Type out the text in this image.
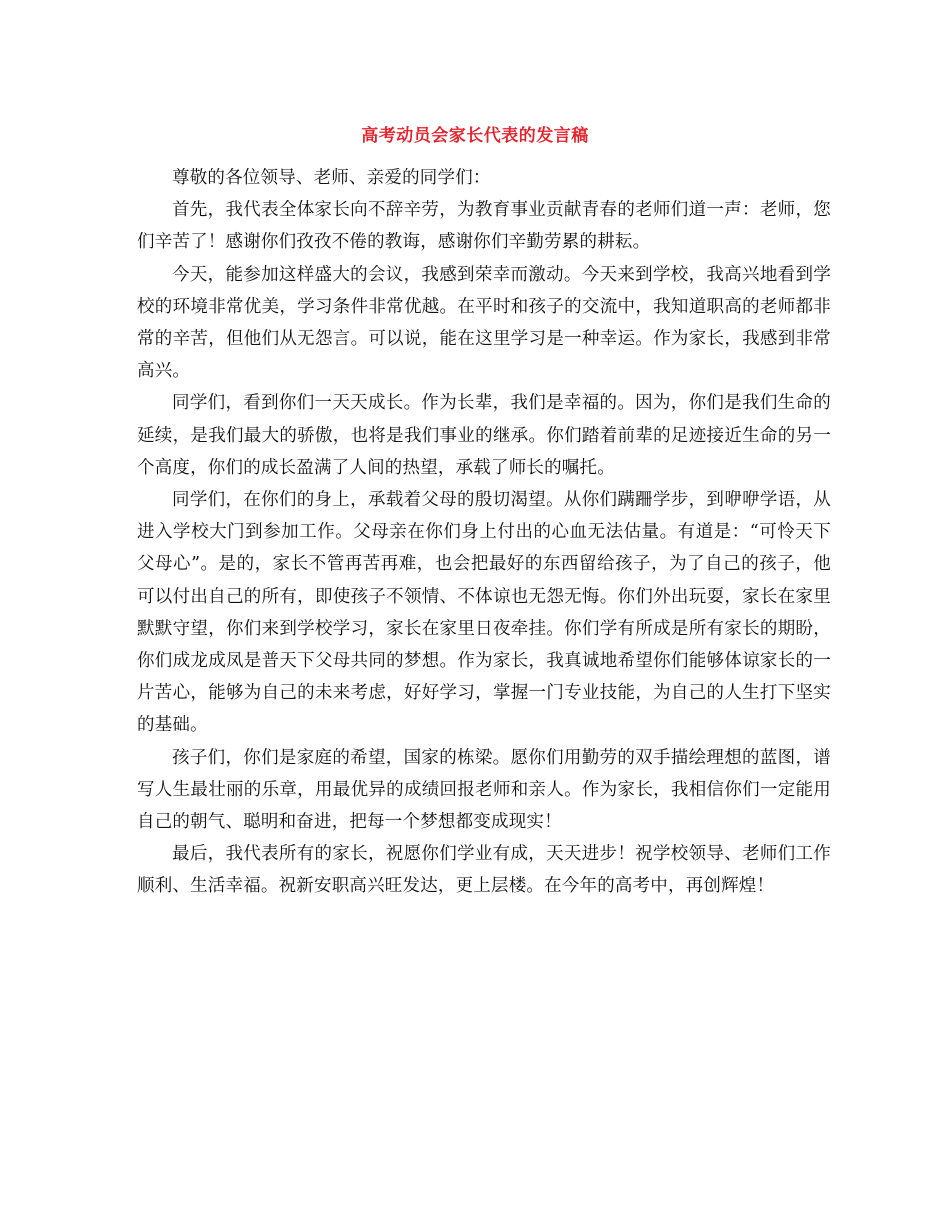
高考动员会家长代表的发言稿

尊敬的各位领导、老师、亲爱的同学们：

首先，我代表全体家长向不辞辛劳，为教育事业贡献青春的老师们道一声：老师，您们辛苦了！感谢你们孜孜不倦的教诲，感谢你们辛勤劳累的耕耘。

今天，能参加这样盛大的会议，我感到荣幸而激动。今天来到学校，我高兴地看到学校的环境非常优美，学习条件非常优越。在平时和孩子的交流中，我知道职高的老师都非常的辛苦，但他们从无怨言。可以说，能在这里学习是一种幸运。作为家长，我感到非常高兴。

同学们，看到你们一天天成长。作为长辈，我们是幸福的。因为，你们是我们生命的延续，是我们最大的骄傲，也将是我们事业的继承。你们踏着前辈的足迹接近生命的另一个高度，你们的成长盈满了人间的热望，承载了师长的嘱托。

同学们，在你们的身上，承载着父母的殷切渴望。从你们蹒跚学步，到咿咿学语，从进入学校大门到参加工作。父母亲在你们身上付出的心血无法估量。有道是：“可怜天下父母心”。是的，家长不管再苦再难，也会把最好的东西留给孩子，为了自己的孩子，他可以付出自己的所有，即使孩子不领情、不体谅也无怨无悔。你们外出玩耍，家长在家里默默守望，你们来到学校学习，家长在家里日夜牵挂。你们学有所成是所有家长的期盼，你们成龙成凤是普天下父母共同的梦想。作为家长，我真诚地希望你们能够体谅家长的一片苦心，能够为自己的未来考虑，好好学习，掌握一门专业技能，为自己的人生打下坚实的基础。

孩子们，你们是家庭的希望，国家的栋梁。愿你们用勤劳的双手描绘理想的蓝图，谱写人生最壮丽的乐章，用最优异的成绩回报老师和亲人。作为家长，我相信你们一定能用自己的朝气、聪明和奋进，把每一个梦想都变成现实！

最后，我代表所有的家长，祝愿你们学业有成，天天进步！祝学校领导、老师们工作顺利、生活幸福。祝新安职高兴旺发达，更上层楼。在今年的高考中，再创辉煌！
